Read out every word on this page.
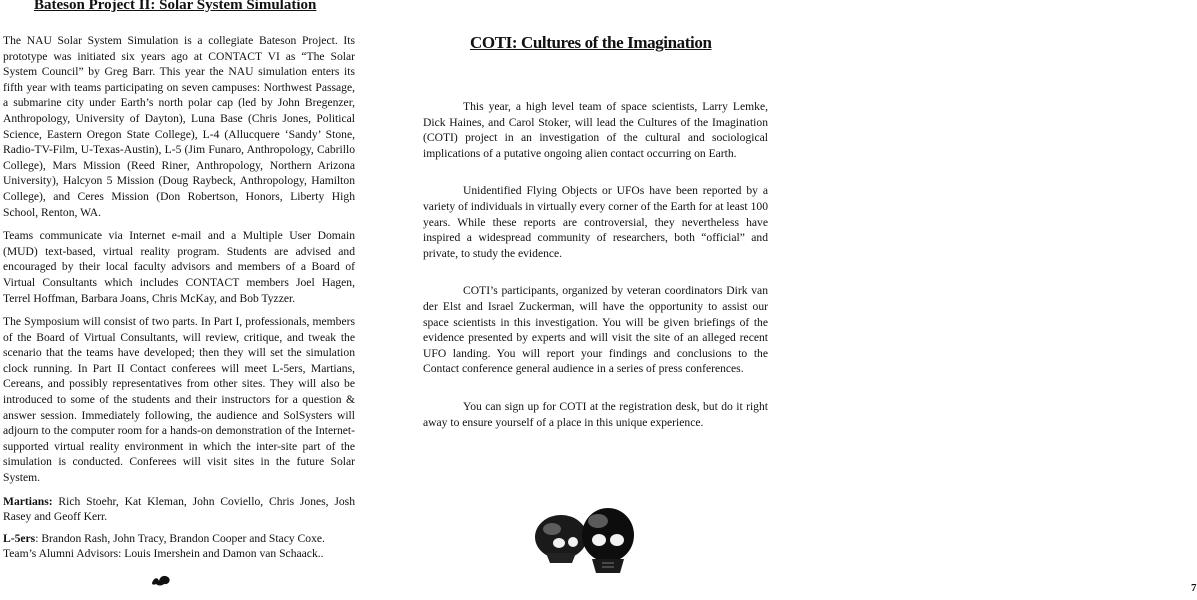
Bateson Project II: Solar System Simulation

The NAU Solar System Simulation is a collegiate Bateson Project. Its prototype was initiated six years ago at CONTACT VI as “The Solar System Council” by Greg Barr. This year the NAU simulation enters its fifth year with teams participating on seven campuses: Northwest Passage, a submarine city under Earth’s north polar cap (led by John Bregenzer, Anthropology, University of Dayton), Luna Base (Chris Jones, Political Science, Eastern Oregon State College), L-4 (Allucquere ‘Sandy’ Stone, Radio-TV-Film, U-Texas-Austin), L-5 (Jim Funaro, Anthropology, Cabrillo College), Mars Mission (Reed Riner, Anthropology, Northern Arizona University), Halcyon 5 Mission (Doug Raybeck, Anthropology, Hamilton College), and Ceres Mission (Don Robertson, Honors, Liberty High School, Renton, WA.

Teams communicate via Internet e-mail and a Multiple User Domain (MUD) text-based, virtual reality program. Students are advised and encouraged by their local faculty advisors and members of a Board of Virtual Consultants which includes CONTACT members Joel Hagen, Terrel Hoffman, Barbara Joans, Chris McKay, and Bob Tyzzer.

The Symposium will consist of two parts. In Part I, professionals, members of the Board of Virtual Consultants, will review, critique, and tweak the scenario that the teams have developed; then they will set the simulation clock running. In Part II Contact conferees will meet L-5ers, Martians, Cereans, and possibly representatives from other sites. They will also be introduced to some of the students and their instructors for a question & answer session. Immediately following, the audience and SolSysters will adjourn to the computer room for a hands-on demonstration of the Internet-supported virtual reality environment in which the inter-site part of the simulation is conducted. Conferees will visit sites in the future Solar System.

Martians: Rich Stoehr, Kat Kleman, John Coviello, Chris Jones, Josh Rasey and Geoff Kerr.

L-5ers: Brandon Rash, John Tracy, Brandon Cooper and Stacy Coxe.

Team’s Alumni Advisors: Louis Imershein and Damon van Schaack..

COTI: Cultures of the Imagination

This year, a high level team of space scientists, Larry Lemke, Dick Haines, and Carol Stoker, will lead the Cultures of the Imagination (COTI) project in an investigation of the cultural and sociological implications of a putative ongoing alien contact occurring on Earth.

Unidentified Flying Objects or UFOs have been reported by a variety of individuals in virtually every corner of the Earth for at least 100 years. While these reports are controversial, they nevertheless have inspired a widespread community of researchers, both “official” and private, to study the evidence.

COTI’s participants, organized by veteran coordinators Dirk van der Elst and Israel Zuckerman, will have the opportunity to assist our space scientists in this investigation. You will be given briefings of the evidence presented by experts and will visit the site of an alleged recent UFO landing. You will report your findings and conclusions to the Contact conference general audience in a series of press conferences.

You can sign up for COTI at the registration desk, but do it right away to ensure yourself of a place in this unique experience.

7
